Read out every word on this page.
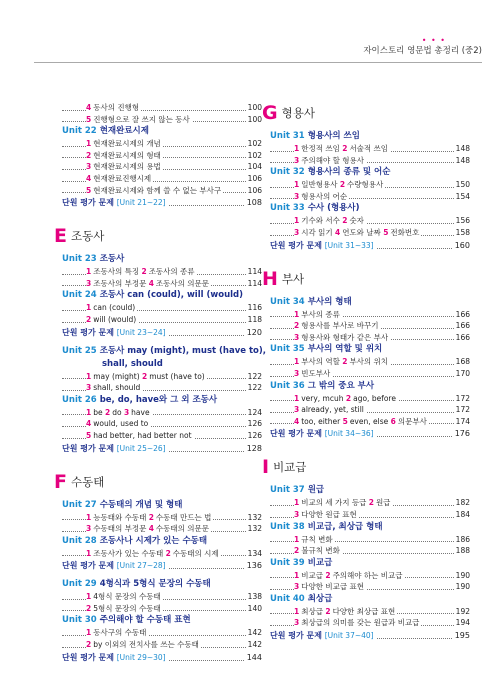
• • •
자이스토리 영문법 총정리 (중2)
4 동사의 진행형	100
5 진행형으로 잘 쓰지 않는 동사	100
Unit 22 현재완료시제
1 현재완료시제의 개념	102
2 현재완료시제의 형태	102
3 현재완료시제의 용법	104
4 현재완료진행시제	106
5 현재완료시제와 함께 쓸 수 없는 부사구	106
단원 평가 문제 [Unit 21~22]	108
E 조동사
Unit 23 조동사
1 조동사의 특징 2 조동사의 종류	114
3 조동사의 부정문 4 조동사의 의문문	114
Unit 24 조동사 can (could), will (would)
1 can (could)	116
2 will (would)	118
단원 평가 문제 [Unit 23~24]	120
Unit 25 조동사 may (might), must (have to),
shall, should
1 may (might) 2 must (have to)	122
3 shall, should	122
Unit 26 be, do, have와 그 외 조동사
1 be 2 do 3 have	124
4 would, used to	126
5 had better, had better not	126
단원 평가 문제 [Unit 25~26]	128
F 수동태
Unit 27 수동태의 개념 및 형태
1 능동태와 수동태 2 수동태 만드는 법	132
3 수동태의 부정문 4 수동태의 의문문	132
Unit 28 조동사나 시제가 있는 수동태
1 조동사가 있는 수동태 2 수동태의 시제	134
단원 평가 문제 [Unit 27~28]	136
Unit 29 4형식과 5형식 문장의 수동태
1 4형식 문장의 수동태	138
2 5형식 문장의 수동태	140
Unit 30 주의해야 할 수동태 표현
1 동사구의 수동태	142
2 by 이외의 전치사를 쓰는 수동태	142
단원 평가 문제 [Unit 29~30]	144
G 형용사
Unit 31 형용사의 쓰임
1 한정적 쓰임 2 서술적 쓰임	148
3 주의해야 할 형용사	148
Unit 32 형용사의 종류 및 어순
1 일반형용사 2 수량형용사	150
3 형용사의 어순	154
Unit 33 수사 (형용사)
1 기수와 서수 2 숫자	156
3 시각 읽기 4 연도와 날짜 5 전화번호	158
단원 평가 문제 [Unit 31~33]	160
H 부사
Unit 34 부사의 형태
1 부사의 종류	166
2 형용사를 부사로 바꾸기	166
3 형용사와 형태가 같은 부사	166
Unit 35 부사의 역할 및 위치
1 부사의 역할 2 부사의 위치	168
3 빈도부사	170
Unit 36 그 밖의 중요 부사
1 very, mcuh 2 ago, before	172
3 already, yet, still	172
4 too, either 5 even, else 6 의문부사	174
단원 평가 문제 [Unit 34~36]	176
I 비교급
Unit 37 원급
1 비교의 세 가지 등급 2 원급	182
3 다양한 원급 표현	184
Unit 38 비교급, 최상급 형태
1 규칙 변화	186
2 불규칙 변화	188
Unit 39 비교급
1 비교급 2 주의해야 하는 비교급	190
3 다양한 비교급 표현	190
Unit 40 최상급
1 최상급 2 다양한 최상급 표현	192
3 최상급의 의미를 갖는 원급과 비교급	194
단원 평가 문제 [Unit 37~40]	195
